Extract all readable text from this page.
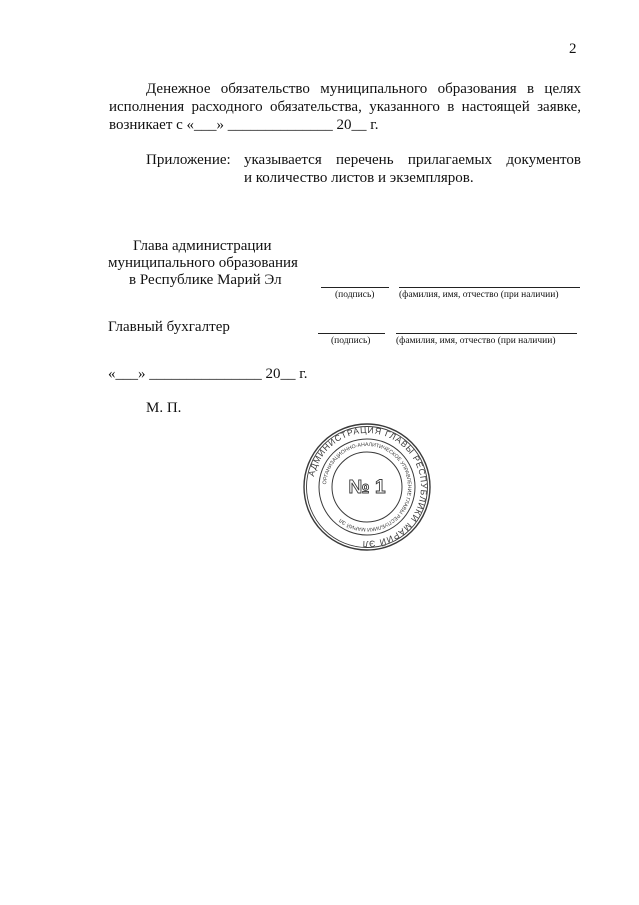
2
Денежное обязательство муниципального образования в целях
исполнения расходного обязательства, указанного в настоящей заявке,
возникает с «___» ______________ 20__ г.
Приложение: указывается перечень прилагаемых документов
и количество листов и экземпляров.
Глава администрации
муниципального образования
в Республике Марий Эл
(подпись)	(фамилия, имя, отчество (при наличии)
Главный бухгалтер
(подпись)	(фамилия, имя, отчество (при наличии)
«___» _______________ 20__ г.
М. П.
АДМИНИСТРАЦИЯ ГЛАВЫ РЕСПУБЛИКИ МАРИЙ ЭЛ
ОРГАНИЗАЦИОННО-АНАЛИТИЧЕСКОЕ УПРАВЛЕНИЕ ГЛАВЫ РЕСПУБЛИКИ МАРИЙ ЭЛ
№ 1
